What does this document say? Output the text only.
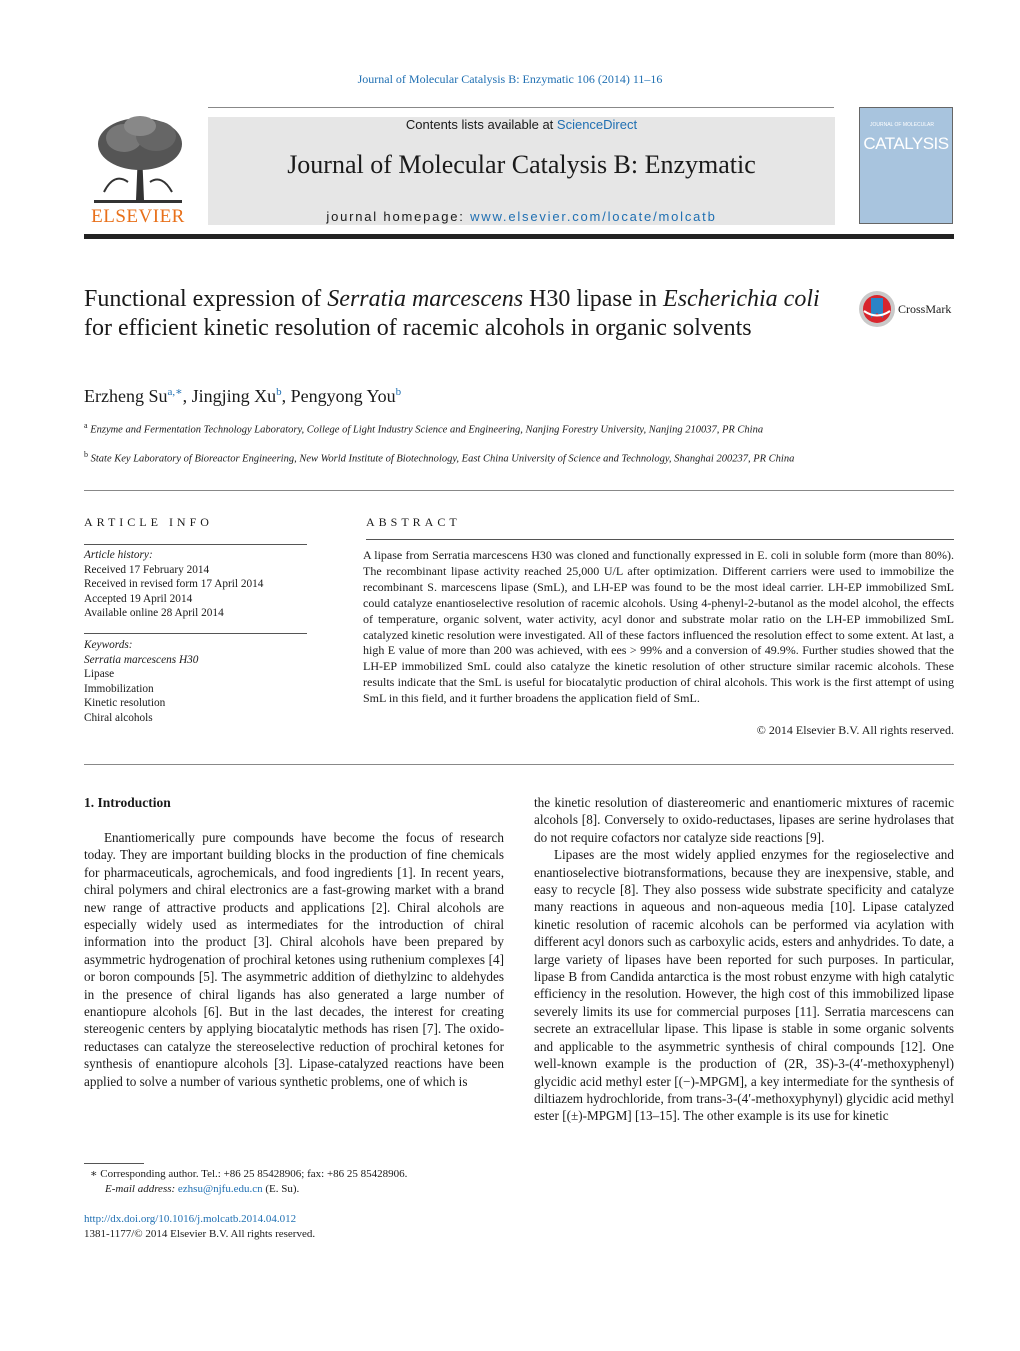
Journal of Molecular Catalysis B: Enzymatic 106 (2014) 11–16
ELSEVIER
Contents lists available at ScienceDirect
Journal of Molecular Catalysis B: Enzymatic
journal homepage: www.elsevier.com/locate/molcatb
JOURNAL OF MOLECULAR
CATALYSIS
Functional expression of Serratia marcescens H30 lipase in Escherichia coli for efficient kinetic resolution of racemic alcohols in organic solvents
CrossMark
Erzheng $Su^{a,∗}$, Jingjing Xu$^b$, Pengyong You$^b$
$^a$ Enzyme and Fermentation Technology Laboratory, College of Light Industry Science and Engineering, Nanjing Forestry University, Nanjing 210037, PR China
$^b$ State Key Laboratory of Bioreactor Engineering, New World Institute of Biotechnology, East China University of Science and Technology, Shanghai 200237, PR China
ARTICLE INFO
Article history:
Received 17 February 2014
Received in revised form 17 April 2014
Accepted 19 April 2014
Available online 28 April 2014
Keywords:
Serratia marcescens H30
Lipase
Immobilization
Kinetic resolution
Chiral alcohols
ABSTRACT
A lipase from Serratia marcescens H30 was cloned and functionally expressed in E. coli in soluble form (more than 80%). The recombinant lipase activity reached 25,000 U/L after optimization. Different carriers were used to immobilize the recombinant S. marcescens lipase (SmL), and LH-EP was found to be the most ideal carrier. LH-EP immobilized SmL could catalyze enantioselective resolution of racemic alcohols. Using 4-phenyl-2-butanol as the model alcohol, the effects of temperature, organic solvent, water activity, acyl donor and substrate molar ratio on the LH-EP immobilized SmL catalyzed kinetic resolution were investigated. All of these factors influenced the resolution effect to some extent. At last, a high E value of more than 200 was achieved, with ees > 99% and a conversion of 49.9%. Further studies showed that the LH-EP immobilized SmL could also catalyze the kinetic resolution of other structure similar racemic alcohols. These results indicate that the SmL is useful for biocatalytic production of chiral alcohols. This work is the first attempt of using SmL in this field, and it further broadens the application field of SmL.
© 2014 Elsevier B.V. All rights reserved.
1. Introduction

Enantiomerically pure compounds have become the focus of research today. They are important building blocks in the production of fine chemicals for pharmaceuticals, agrochemicals, and food ingredients [1]. In recent years, chiral polymers and chiral electronics are a fast-growing market with a brand new range of attractive products and applications [2]. Chiral alcohols are especially widely used as intermediates for the introduction of chiral information into the product [3]. Chiral alcohols have been prepared by asymmetric hydrogenation of prochiral ketones using ruthenium complexes [4] or boron compounds [5]. The asymmetric addition of diethylzinc to aldehydes in the presence of chiral ligands has also generated a large number of enantiopure alcohols [6]. But in the last decades, the interest for creating stereogenic centers by applying biocatalytic methods has risen [7]. The oxido-reductases can catalyze the stereoselective reduction of prochiral ketones for synthesis of enantiopure alcohols [3]. Lipase-catalyzed reactions have been applied to solve a number of various synthetic problems, one of which is

the kinetic resolution of diastereomeric and enantiomeric mixtures of racemic alcohols [8]. Conversely to oxido-reductases, lipases are serine hydrolases that do not require cofactors nor catalyze side reactions [9].

Lipases are the most widely applied enzymes for the regioselective and enantioselective biotransformations, because they are inexpensive, stable, and easy to recycle [8]. They also possess wide substrate specificity and catalyze many reactions in aqueous and non-aqueous media [10]. Lipase catalyzed kinetic resolution of racemic alcohols can be performed via acylation with different acyl donors such as carboxylic acids, esters and anhydrides. To date, a large variety of lipases have been reported for such purposes. In particular, lipase B from Candida antarctica is the most robust enzyme with high catalytic efficiency in the resolution. However, the high cost of this immobilized lipase severely limits its use for commercial purposes [11]. Serratia marcescens can secrete an extracellular lipase. This lipase is stable in some organic solvents and applicable to the asymmetric synthesis of chiral compounds [12]. One well-known example is the production of (2R, 3S)-3-(4′-methoxyphenyl) glycidic acid methyl ester [(−)-MPGM], a key intermediate for the synthesis of diltiazem hydrochloride, from trans-3-(4′-methoxyphynyl) glycidic acid methyl ester [(±)-MPGM] [13–15]. The other example is its use for kinetic

∗ Corresponding author. Tel.: +86 25 85428906; fax: +86 25 85428906.
E-mail address: ezhsu@njfu.edu.cn (E. Su).
http://dx.doi.org/10.1016/j.molcatb.2014.04.012
1381-1177/© 2014 Elsevier B.V. All rights reserved.
